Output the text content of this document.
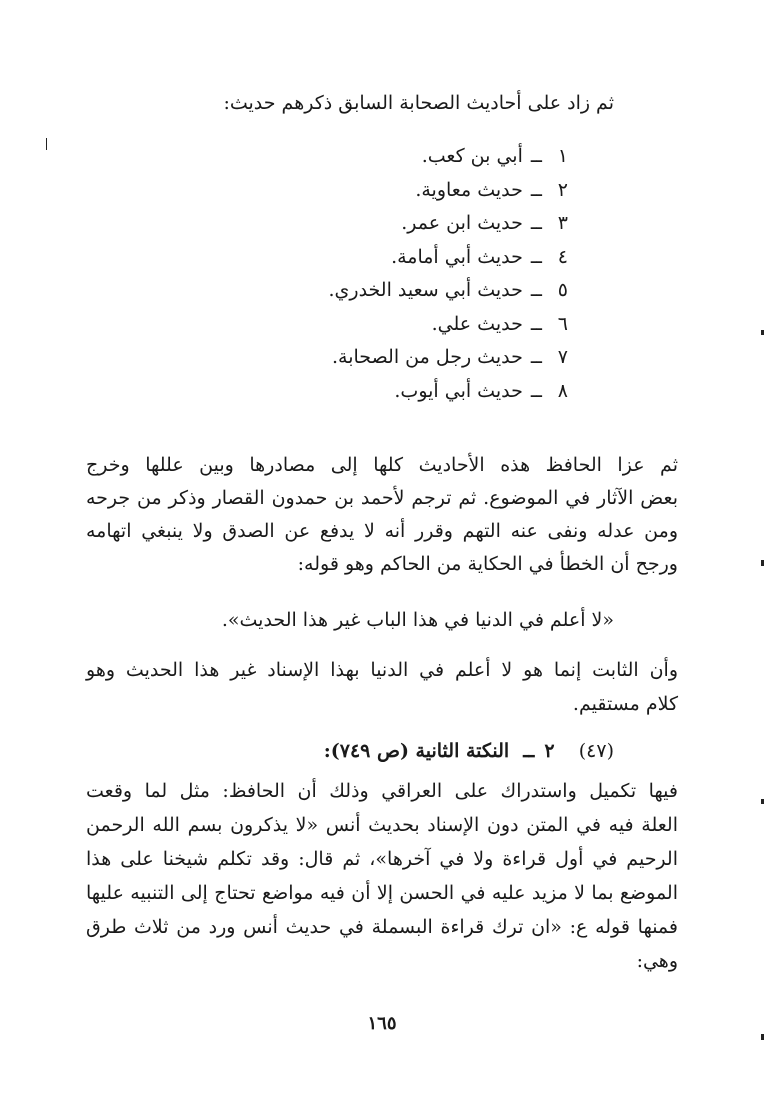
ثم زاد على أحاديث الصحابة السابق ذكرهم حديث:
١ــأبي بن كعب.
٢ــحديث معاوية.
٣ــحديث ابن عمر.
٤ــحديث أبي أمامة.
٥ــحديث أبي سعيد الخدري.
٦ــحديث علي.
٧ــحديث رجل من الصحابة.
٨ــحديث أبي أيوب.
ثم عزا الحافظ هذه الأحاديث كلها إلى مصادرها وبين عللها وخرج
بعض الآثار في الموضوع. ثم ترجم لأحمد بن حمدون القصار وذكر من جرحه
ومن عدله ونفى عنه التهم وقرر أنه لا يدفع عن الصدق ولا ينبغي اتهامه
ورجح أن الخطأ في الحكاية من الحاكم وهو قوله:
«لا أعلم في الدنيا في هذا الباب غير هذا الحديث».
وأن الثابت إنما هو لا أعلم في الدنيا بهذا الإسناد غير هذا الحديث وهو
كلام مستقيم.
(٤٧)  ٢ ــ النكتة الثانية (ص ٧٤٩):
فيها تكميل واستدراك على العراقي وذلك أن الحافظ: مثل لما وقعت
العلة فيه في المتن دون الإسناد بحديث أنس «لا يذكرون بسم الله الرحمن
الرحيم في أول قراءة ولا في آخرها»، ثم قال: وقد تكلم شيخنا على هذا
الموضع بما لا مزيد عليه في الحسن إلا أن فيه مواضع تحتاج إلى التنبيه عليها
فمنها قوله ع: «ان ترك قراءة البسملة في حديث أنس ورد من ثلاث طرق
وهي:
١٦٥
